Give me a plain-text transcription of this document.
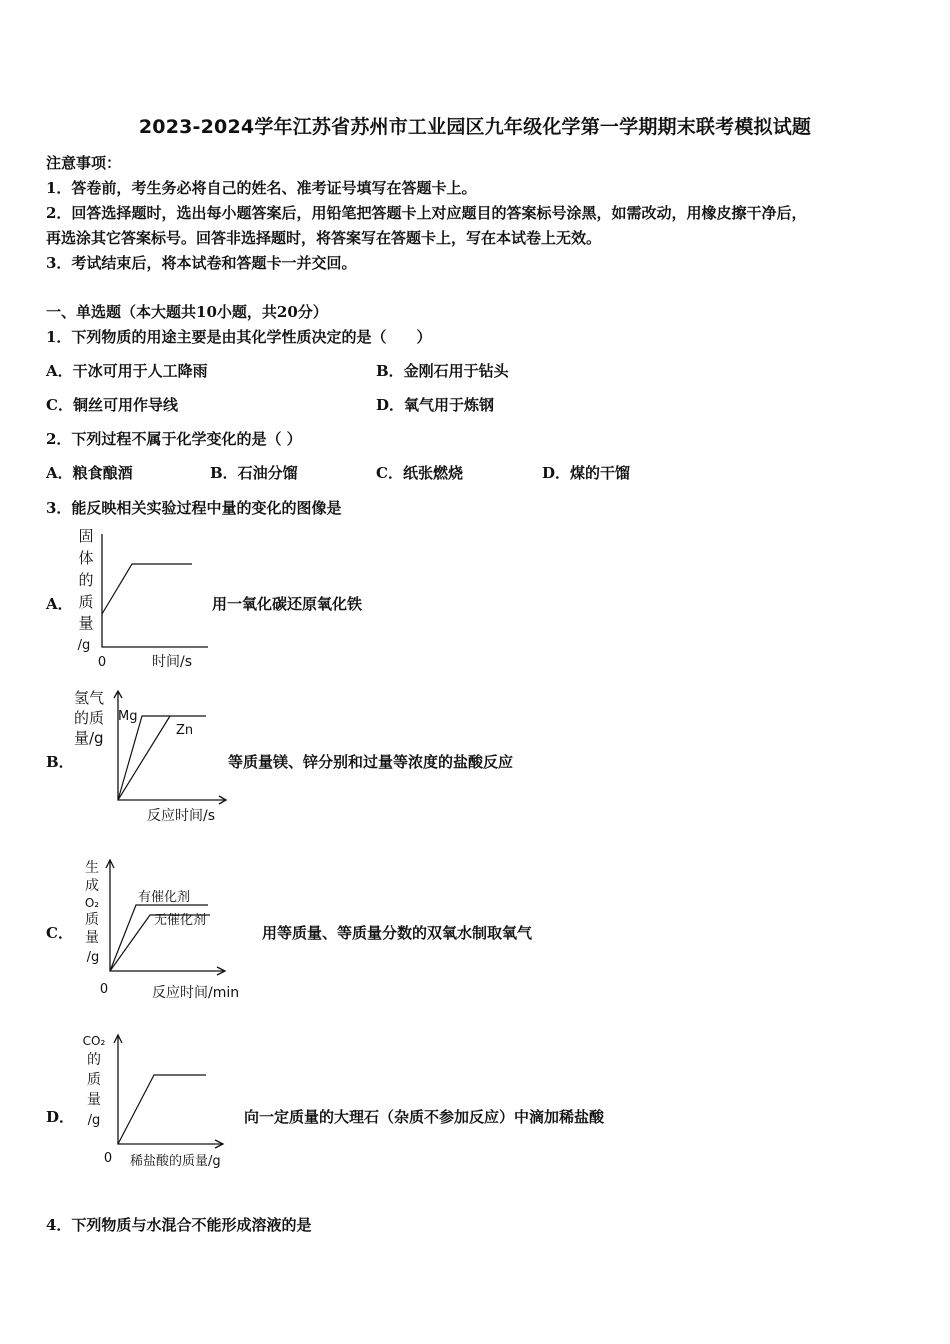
2023-2024学年江苏省苏州市工业园区九年级化学第一学期期末联考模拟试题
注意事项：
1．答卷前，考生务必将自己的姓名、准考证号填写在答题卡上。
2．回答选择题时，选出每小题答案后，用铅笔把答题卡上对应题目的答案标号涂黑，如需改动，用橡皮擦干净后，
再选涂其它答案标号。回答非选择题时，将答案写在答题卡上，写在本试卷上无效。
3．考试结束后，将本试卷和答题卡一并交回。
一、单选题（本大题共10小题，共20分）
1．下列物质的用途主要是由其化学性质决定的是（　　）
A．干冰可用于人工降雨	B．金刚石用于钻头
C．铜丝可用作导线	D．氧气用于炼钢
2．下列过程不属于化学变化的是（ ）
A．粮食酿酒	B．石油分馏	C．纸张燃烧	D．煤的干馏
3．能反映相关实验过程中量的变化的图像是
A．
固
体
的
质
量
/g
0	时间/s
用一氧化碳还原氧化铁
B．
氢气
的质
量/g
Mg
Zn
反应时间/s
等质量镁、锌分别和过量等浓度的盐酸反应
C．
生
成
O₂
质
量
/g
有催化剂
无催化剂
0	反应时间/min
用等质量、等质量分数的双氧水制取氧气
D．
CO₂
的
质
量
/g
0 稀盐酸的质量/g
向一定质量的大理石（杂质不参加反应）中滴加稀盐酸
4．下列物质与水混合不能形成溶液的是
